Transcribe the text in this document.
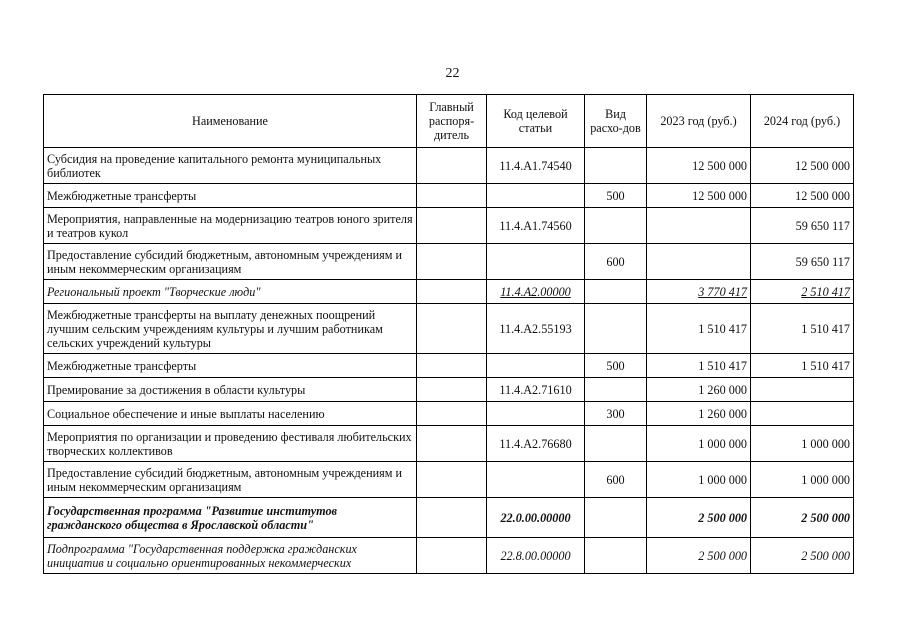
22
Наименование	Главный распоря-дитель	Код целевой статьи	Вид расхо-дов	2023 год (руб.)	2024 год (руб.)
Субсидия на проведение капитального ремонта муниципальных библиотек		11.4.A1.74540		12 500 000	12 500 000
Межбюджетные трансферты			500	12 500 000	12 500 000
Мероприятия, направленные на модернизацию театров юного зрителя и театров кукол		11.4.A1.74560			59 650 117
Предоставление субсидий бюджетным, автономным учреждениям и иным некоммерческим организациям			600		59 650 117
Региональный проект "Творческие люди"		11.4.A2.00000		3 770 417	2 510 417
Межбюджетные трансферты на выплату денежных поощрений лучшим сельским учреждениям культуры и лучшим работникам сельских учреждений культуры		11.4.A2.55193		1 510 417	1 510 417
Межбюджетные трансферты			500	1 510 417	1 510 417
Премирование за достижения в области культуры		11.4.A2.71610		1 260 000	
Социальное обеспечение и иные выплаты населению			300	1 260 000	
Мероприятия по организации и проведению фестиваля любительских творческих коллективов		11.4.A2.76680		1 000 000	1 000 000
Предоставление субсидий бюджетным, автономным учреждениям и иным некоммерческим организациям			600	1 000 000	1 000 000
Государственная программа "Развитие институтов гражданского общества в Ярославской области"		22.0.00.00000		2 500 000	2 500 000
Подпрограмма "Государственная поддержка гражданских инициатив и социально ориентированных некоммерческих		22.8.00.00000		2 500 000	2 500 000
